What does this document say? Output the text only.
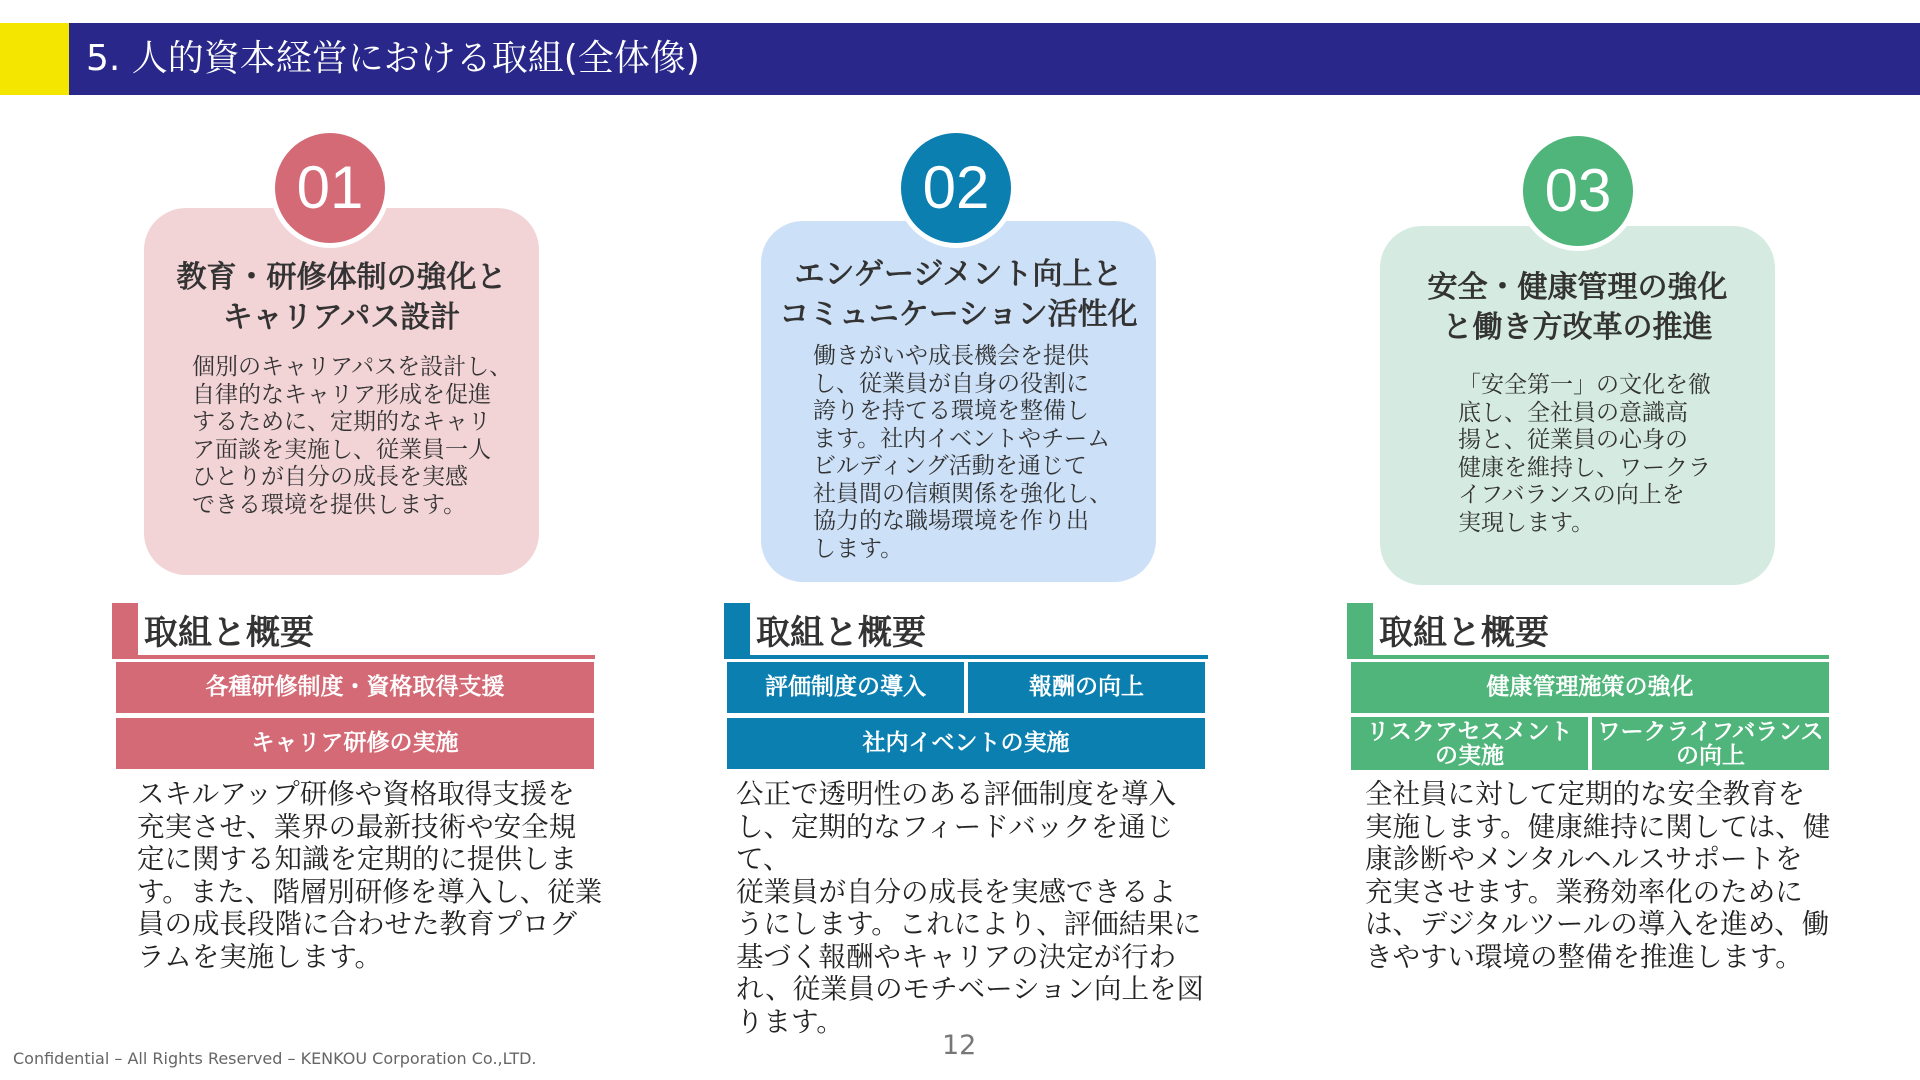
5. 人的資本経営における取組(全体像)
教育・研修体制の強化と
キャリアパス設計
個別のキャリアパスを設計し、
自律的なキャリア形成を促進
するために、定期的なキャリ
ア面談を実施し、従業員一人
ひとりが自分の成長を実感
できる環境を提供します。
01
取組と概要
各種研修制度・資格取得支援
キャリア研修の実施
スキルアップ研修や資格取得支援を
充実させ、業界の最新技術や安全規
定に関する知識を定期的に提供しま
す。また、階層別研修を導入し、従業
員の成長段階に合わせた教育プログ
ラムを実施します。
エンゲージメント向上と
コミュニケーション活性化
働きがいや成長機会を提供
し、従業員が自身の役割に
誇りを持てる環境を整備し
ます。社内イベントやチーム
ビルディング活動を通じて
社員間の信頼関係を強化し、
協力的な職場環境を作り出
します。
02
取組と概要
評価制度の導入	報酬の向上
社内イベントの実施
公正で透明性のある評価制度を導入
し、定期的なフィードバックを通じて、
従業員が自分の成長を実感できるよ
うにします。これにより、評価結果に
基づく報酬やキャリアの決定が行わ
れ、従業員のモチベーション向上を図
ります。
安全・健康管理の強化
と働き方改革の推進
「安全第一」の文化を徹
底し、全社員の意識高
揚と、従業員の心身の
健康を維持し、ワークラ
イフバランスの向上を
実現します。
03
取組と概要
健康管理施策の強化
リスクアセスメント
の実施
ワークライフバランス
の向上
全社員に対して定期的な安全教育を
実施します。健康維持に関しては、健
康診断やメンタルヘルスサポートを
充実させます。業務効率化のために
は、デジタルツールの導入を進め、働
きやすい環境の整備を推進します。
Confidential – All Rights Reserved – KENKOU Corporation Co.,LTD.	12
